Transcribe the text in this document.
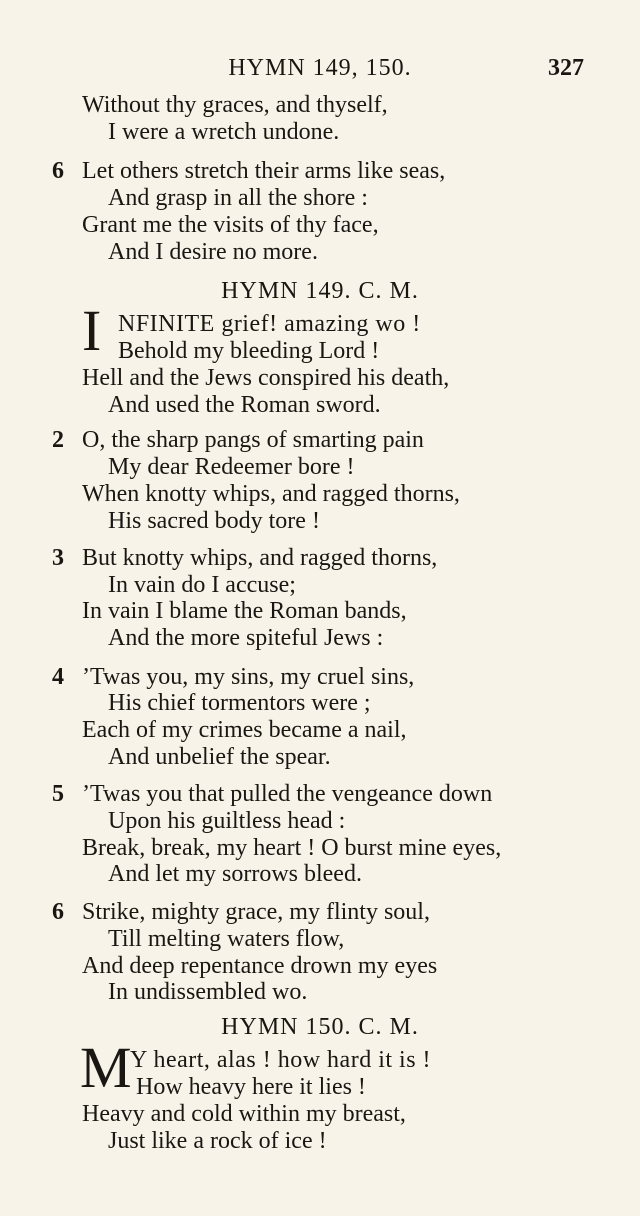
HYMN 149, 150.	327
Without thy graces, and thyself,
I were a wretch undone.
6 Let others stretch their arms like seas,
And grasp in all the shore :
Grant me the visits of thy face,
And I desire no more.
HYMN 149. C. M.
I NFINITE grief! amazing wo !
Behold my bleeding Lord !
Hell and the Jews conspired his death,
And used the Roman sword.
2 O, the sharp pangs of smarting pain
My dear Redeemer bore !
When knotty whips, and ragged thorns,
His sacred body tore !
3 But knotty whips, and ragged thorns,
In vain do I accuse;
In vain I blame the Roman bands,
And the more spiteful Jews :
4 ’Twas you, my sins, my cruel sins,
His chief tormentors were ;
Each of my crimes became a nail,
And unbelief the spear.
5 ’Twas you that pulled the vengeance down
Upon his guiltless head :
Break, break, my heart ! O burst mine eyes,
And let my sorrows bleed.
6 Strike, mighty grace, my flinty soul,
Till melting waters flow,
And deep repentance drown my eyes
In undissembled wo.
HYMN 150. C. M.
M
Y heart, alas ! how hard it is !
How heavy here it lies !
Heavy and cold within my breast,
Just like a rock of ice !
